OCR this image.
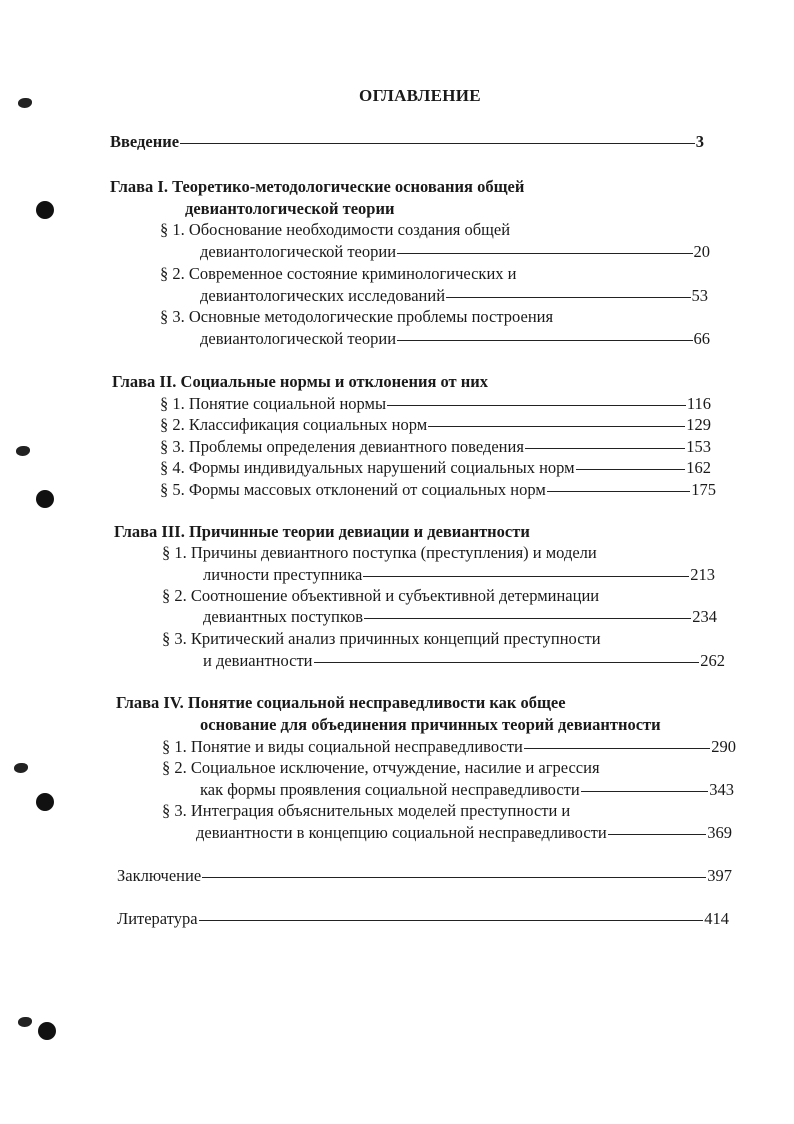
ОГЛАВЛЕНИЕ
Введение	3
Глава I. Теоретико-методологические основания общей
девиантологической теории
§ 1. Обоснование необходимости создания общей
девиантологической теории	20
§ 2. Современное состояние криминологических и
девиантологических исследований	53
§ 3. Основные методологические проблемы построения
девиантологической теории	66
Глава II. Социальные нормы и отклонения от них
§ 1. Понятие социальной нормы	116
§ 2. Классификация социальных норм	129
§ 3. Проблемы определения девиантного поведения	153
§ 4. Формы индивидуальных нарушений социальных норм	162
§ 5. Формы массовых отклонений от социальных норм	175
Глава III. Причинные теории девиации и девиантности
§ 1. Причины девиантного поступка (преступления) и модели
личности преступника	213
§ 2. Соотношение объективной и субъективной детерминации
девиантных поступков	234
§ 3. Критический анализ причинных концепций преступности
и девиантности	262
Глава IV. Понятие социальной несправедливости как общее
основание для объединения причинных теорий девиантности
§ 1. Понятие и виды социальной несправедливости	290
§ 2. Социальное исключение, отчуждение, насилие и агрессия
как формы проявления социальной несправедливости	343
§ 3. Интеграция объяснительных моделей преступности и
девиантности в концепцию социальной несправедливости	369
Заключение	397
Литература	414
